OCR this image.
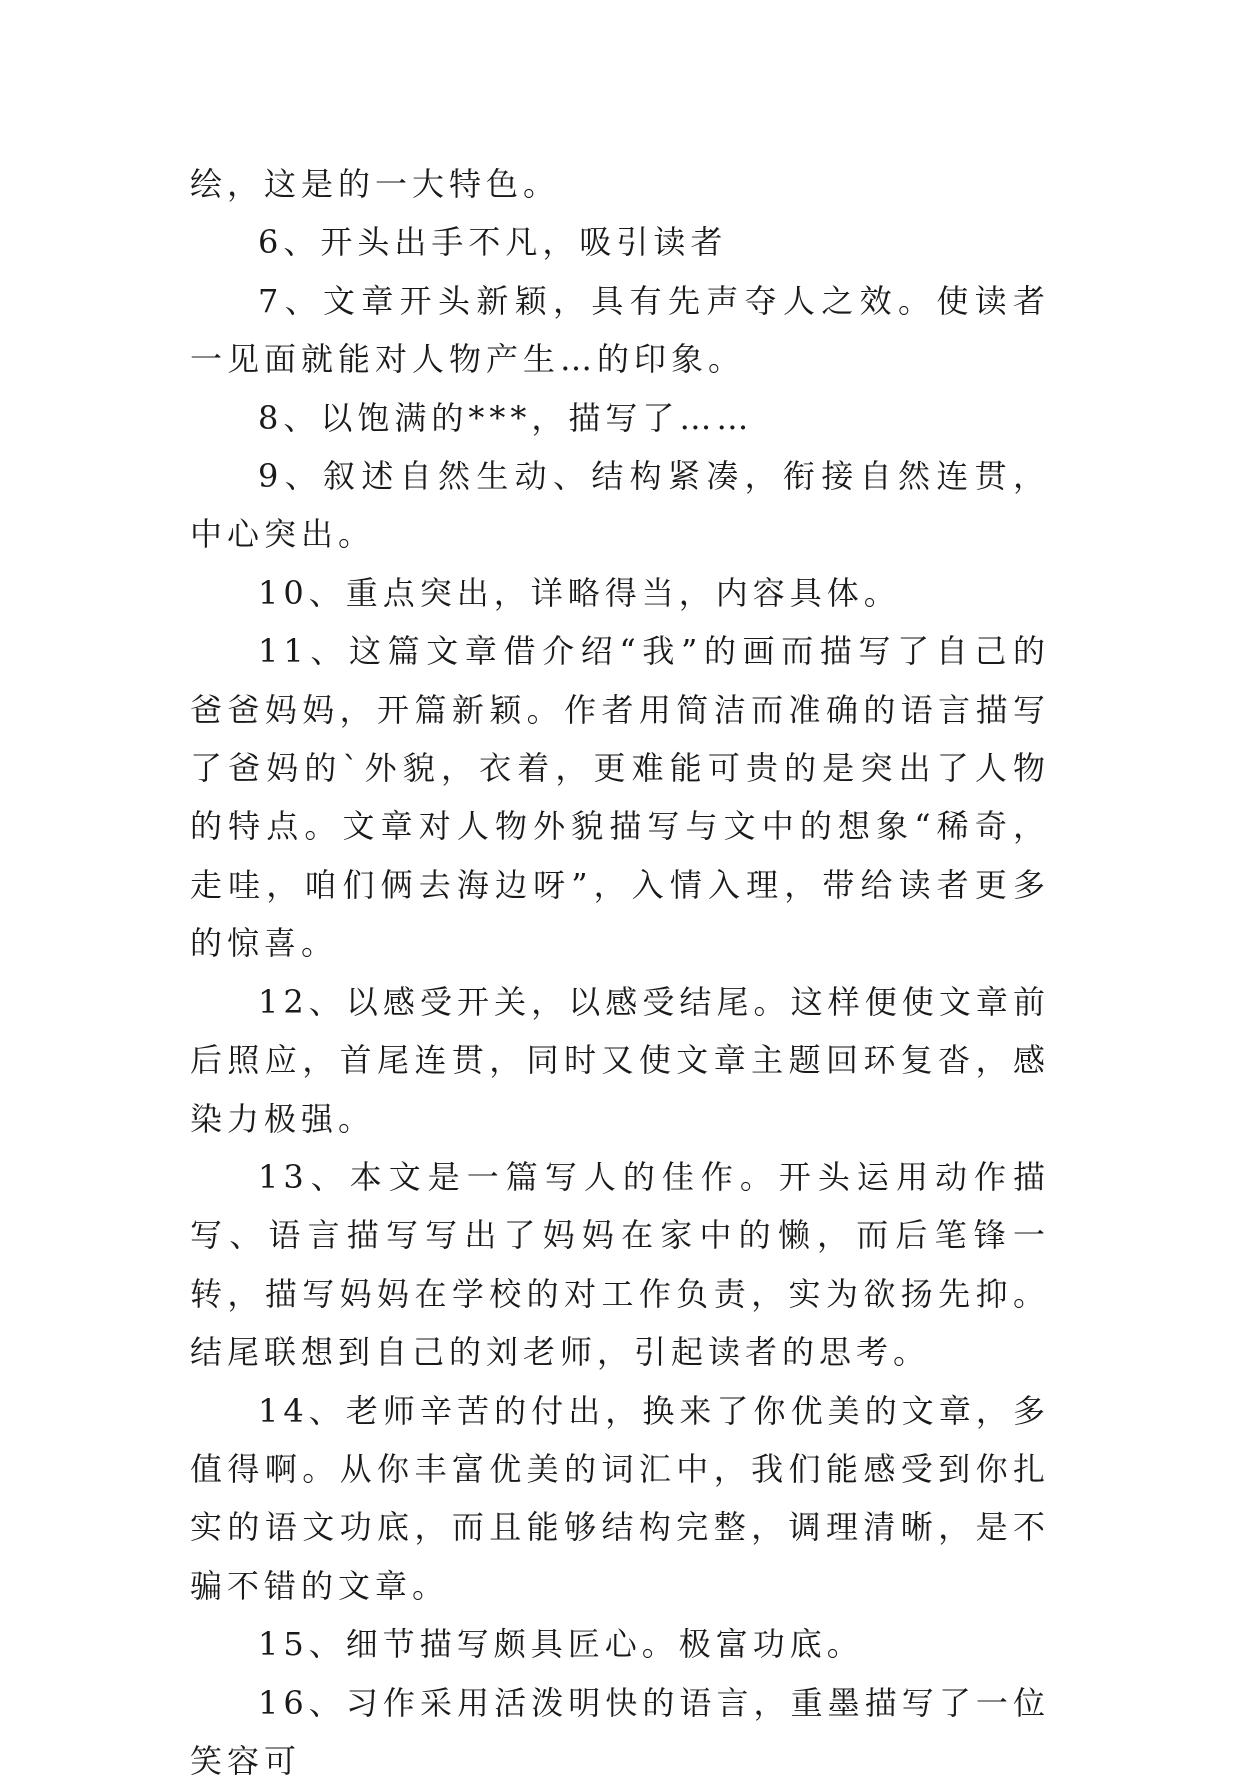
绘，这是的一大特色。

6、开头出手不凡，吸引读者

7、文章开头新颖，具有先声夺人之效。使读者一见面就能对人物产生…的印象。

8、以饱满的***，描写了……

9、叙述自然生动、结构紧凑，衔接自然连贯，中心突出。

10、重点突出，详略得当，内容具体。

11、这篇文章借介绍“我”的画而描写了自己的爸爸妈妈，开篇新颖。作者用简洁而准确的语言描写了爸妈的`外貌，衣着，更难能可贵的是突出了人物的特点。文章对人物外貌描写与文中的想象“稀奇，走哇，咱们俩去海边呀”，入情入理，带给读者更多的惊喜。

12、以感受开关，以感受结尾。这样便使文章前后照应，首尾连贯，同时又使文章主题回环复沓，感染力极强。

13、本文是一篇写人的佳作。开头运用动作描写、语言描写写出了妈妈在家中的懒，而后笔锋一转，描写妈妈在学校的对工作负责，实为欲扬先抑。结尾联想到自己的刘老师，引起读者的思考。

14、老师辛苦的付出，换来了你优美的文章，多值得啊。从你丰富优美的词汇中，我们能感受到你扎实的语文功底，而且能够结构完整，调理清晰，是不骗不错的文章。

15、细节描写颇具匠心。极富功底。

16、习作采用活泼明快的语言，重墨描写了一位笑容可
